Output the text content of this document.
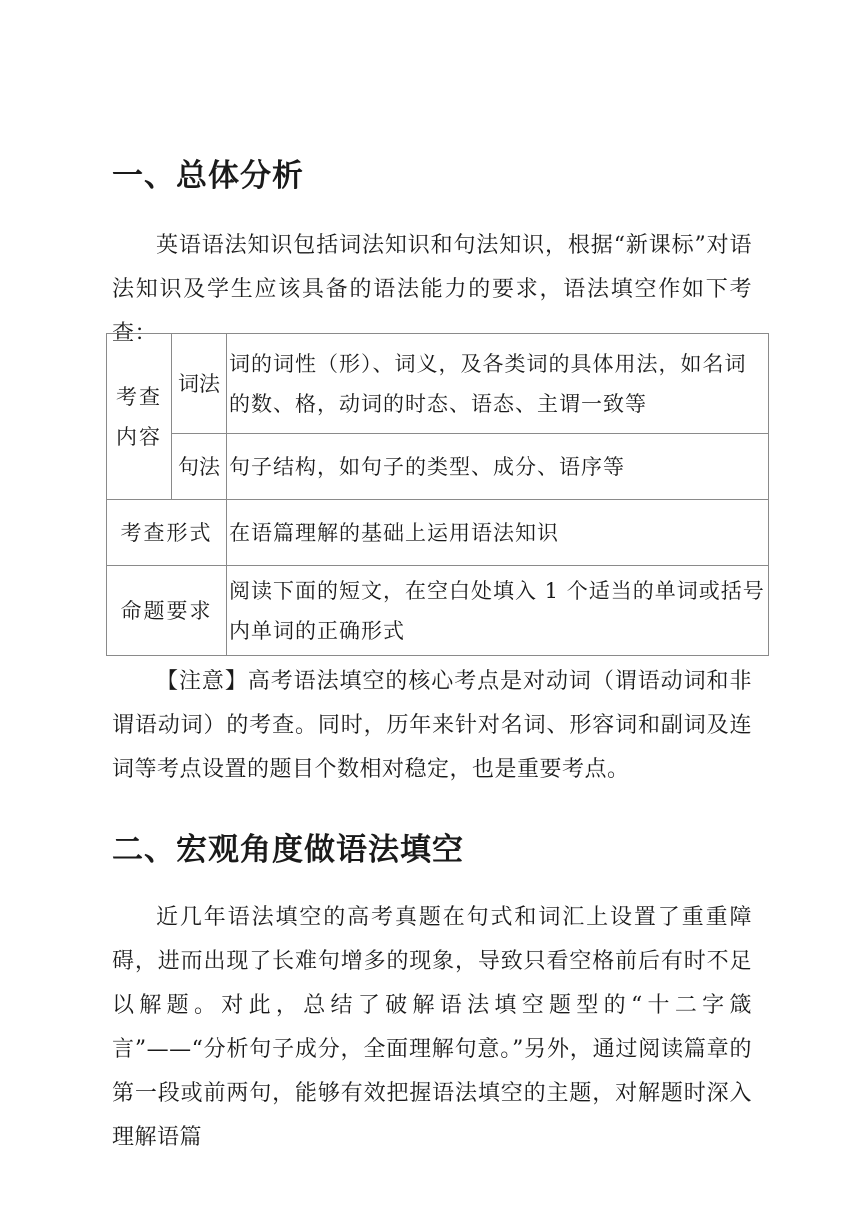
一、总体分析

英语语法知识包括词法知识和句法知识，根据“新课标”对语法知识及学生应该具备的语法能力的要求，语法填空作如下考查：

考查
内容	词法	词的词性（形）、词义，及各类词的具体用法，如名词的数、格，动词的时态、语态、主谓一致等
	句法	句子结构，如句子的类型、成分、语序等
考查形式		在语篇理解的基础上运用语法知识
命题要求		阅读下面的短文，在空白处填入 1 个适当的单词或括号内单词的正确形式

【注意】高考语法填空的核心考点是对动词（谓语动词和非谓语动词）的考查。同时，历年来针对名词、形容词和副词及连词等考点设置的题目个数相对稳定，也是重要考点。

二、宏观角度做语法填空

近几年语法填空的高考真题在句式和词汇上设置了重重障碍，进而出现了长难句增多的现象，导致只看空格前后有时不足以解题。对此，总结了破解语法填空题型的“十二字箴言”——“分析句子成分，全面理解句意。”另外，通过阅读篇章的第一段或前两句，能够有效把握语法填空的主题，对解题时深入理解语篇
